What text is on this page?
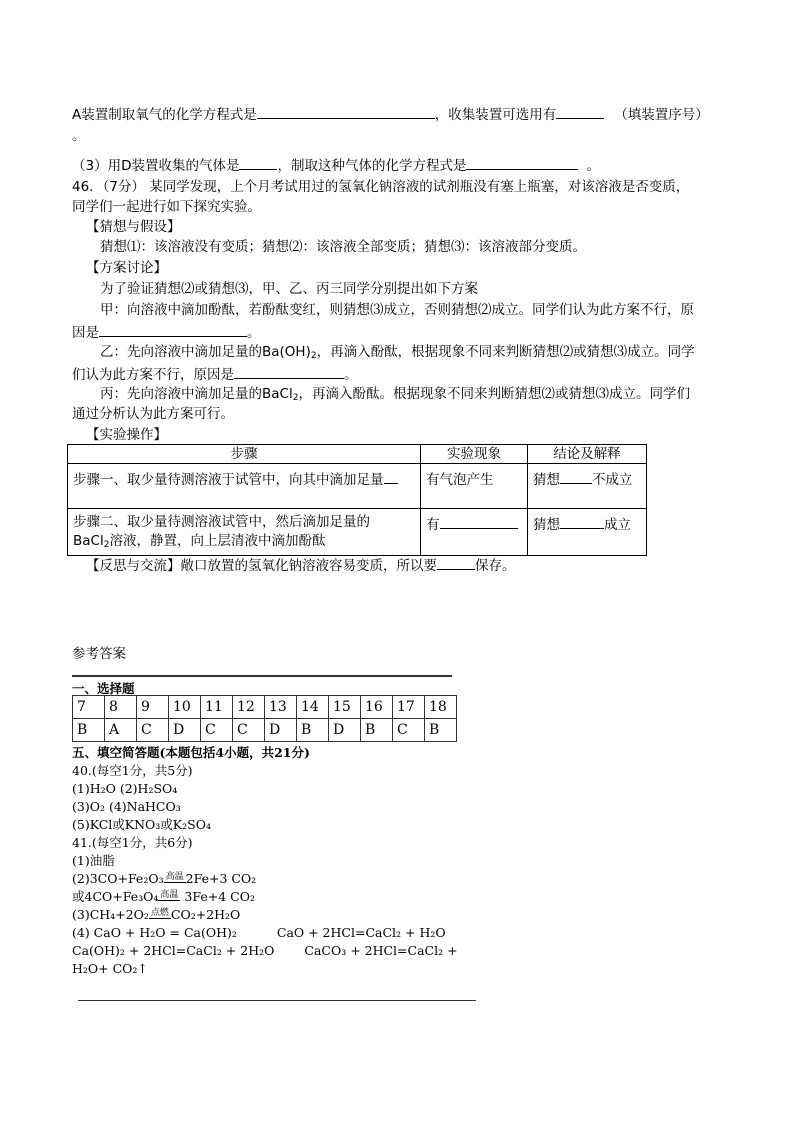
A装置制取氧气的化学方程式是	，收集装置可选用有	（填装置序号）
。
（3）用D装置收集的气体是	，制取这种气体的化学方程式是	。
46．（7分） 某同学发现，上个月考试用过的氢氧化钠溶液的试剂瓶没有塞上瓶塞，对该溶液是否变质，
同学们一起进行如下探究实验。
【猜想与假设】
猜想⑴：该溶液没有变质；猜想⑵：该溶液全部变质；猜想⑶：该溶液部分变质。
【方案讨论】
为了验证猜想⑵或猜想⑶，甲、乙、丙三同学分别提出如下方案
甲：向溶液中滴加酚酞，若酚酞变红，则猜想⑶成立，否则猜想⑵成立。同学们认为此方案不行，原
因是	。
乙：先向溶液中滴加足量的$Ba(OH)_2$，再滴入酚酞，根据现象不同来判断猜想⑵或猜想⑶成立。同学
们认为此方案不行，原因是	。
丙：先向溶液中滴加足量的BaCl$_2$，再滴入酚酞。根据现象不同来判断猜想⑵或猜想⑶成立。同学们
通过分析认为此方案可行。
【实验操作】
步骤	实验现象	结论及解释
步骤一、取少量待测溶液于试管中，向其中滴加足量	有气泡产生	猜想 不成立

步骤二、取少量待测溶液试管中，然后滴加足量的
BaCl$_2$溶液，静置，向上层清液中滴加酚酞	有	猜想 成立
【反思与交流】敞口放置的氢氧化钠溶液容易变质，所以要	保存。
参考答案
一、选择题
7	8	9	10	11	12	13	14	15	16	17	18
B	A	C	D	C	C	D	B	D	B	C	B
五、填空简答题(本题包括4小题，共21分)
40.(每空1分，共5分)
(1)H₂O (2)H₂SO₄
(3)O₂ (4)NaHCO₃
(5)KCl或KNO₃或K₂SO₄
41.(每空1分，共6分)
(1)油脂
(2)3CO+Fe₂O₃ 高温 2Fe+3 CO₂
或4CO+Fe₃O₄ 高温 3Fe+4 CO₂
(3)CH₄+2O₂ 点燃 CO₂+2H₂O
(4) CaO + H₂O = Ca(OH)₂	CaO + 2HCl=CaCl₂ + H₂O
Ca(OH)₂ + 2HCl=CaCl₂ + 2H₂O CaCO₃ + 2HCl=CaCl₂ +
H₂O+ CO₂↑
